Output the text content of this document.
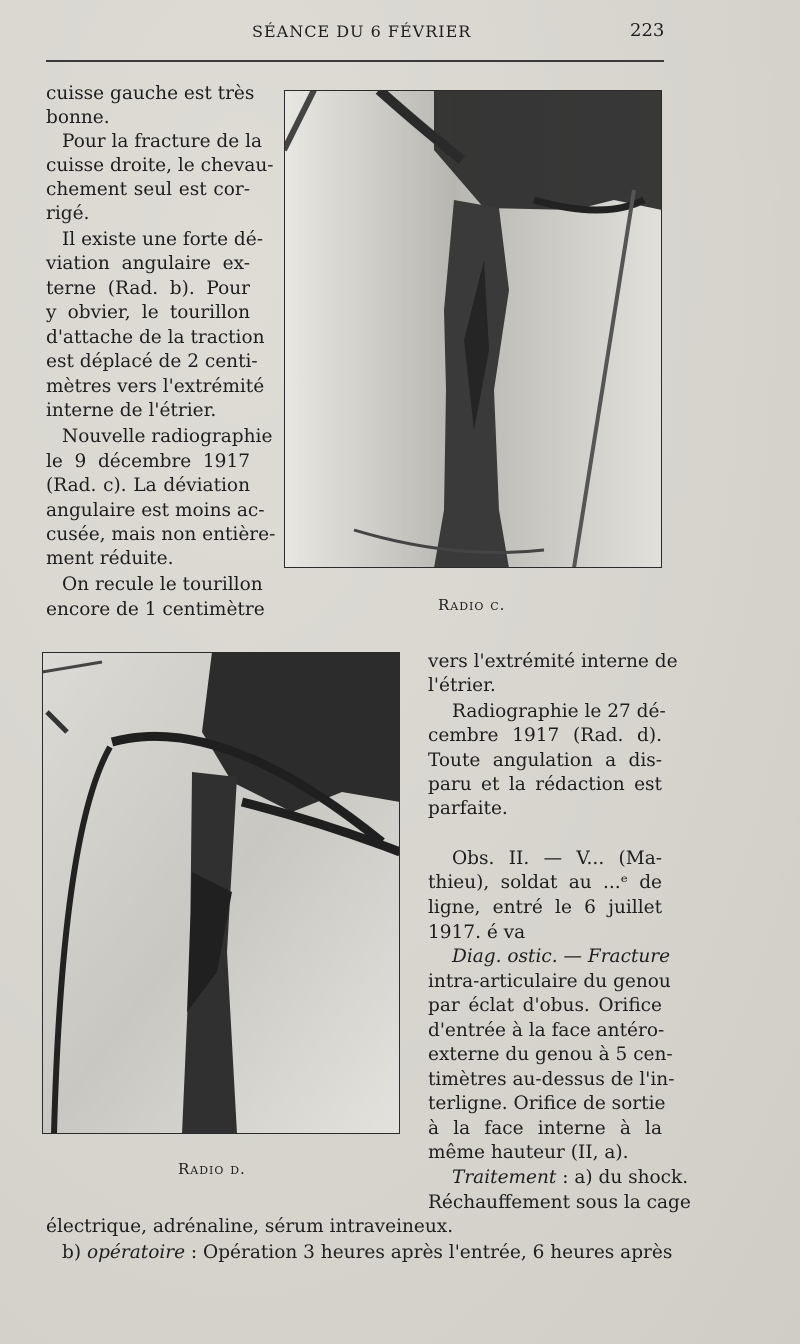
SÉANCE DU 6 FÉVRIER	223
cuisse gauche est très
bonne.
Pour la fracture de la
cuisse droite, le chevau-
chement seul est cor-
rigé.
Il existe une forte dé-
viation angulaire ex-
terne (Rad. b). Pour
y obvier, le tourillon
d'attache de la traction
est déplacé de 2 centi-
mètres vers l'extrémité
interne de l'étrier.
Nouvelle radiographie
le 9 décembre 1917
(Rad. c). La déviation
angulaire est moins ac-
cusée, mais non entière-
ment réduite.
On recule le tourillon
encore de 1 centimètre	Radio c.
Radio d.
vers l'extrémité interne de
l'étrier.
Radiographie le 27 dé-
cembre 1917 (Rad. d).
Toute angulation a dis-
paru et la rédaction est
parfaite.
Obs. II. — V... (Ma-
thieu), soldat au ...ᵉ de
ligne, entré le 6 juillet
1917. é va
Diag. ostic. — Fracture
intra-articulaire du genou
par éclat d'obus. Orifice
d'entrée à la face antéro-
externe du genou à 5 cen-
timètres au-dessus de l'in-
terligne. Orifice de sortie
à la face interne à la
même hauteur (II, a).
Traitement : a) du shock.
Réchauffement sous la cage
électrique, adrénaline, sérum intraveineux.
b) opératoire : Opération 3 heures après l'entrée, 6 heures après
